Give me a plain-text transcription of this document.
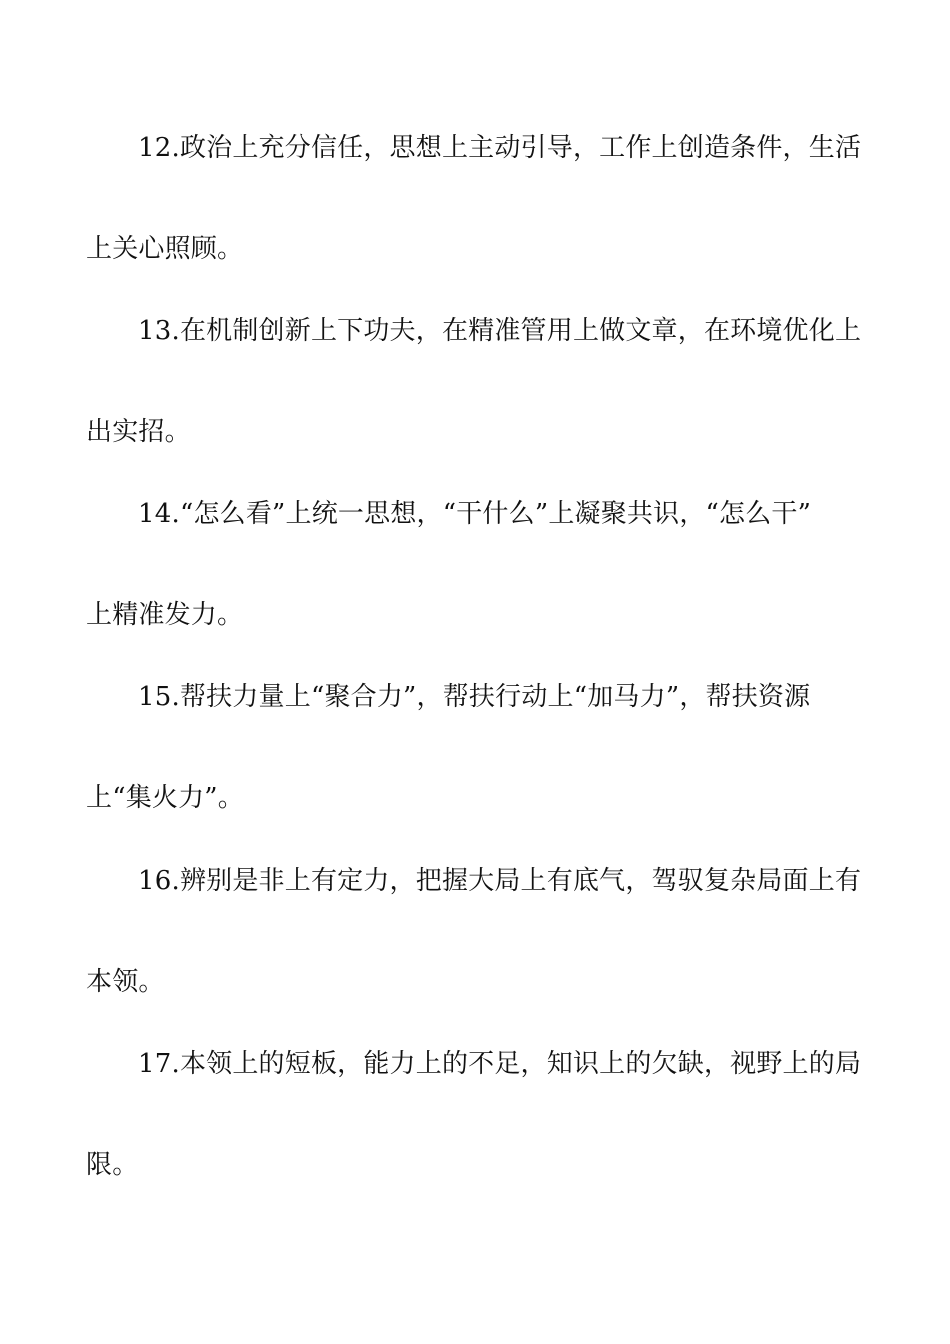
12.政治上充分信任，思想上主动引导，工作上创造条件，生活
上关心照顾。
13.在机制创新上下功夫，在精准管用上做文章，在环境优化上
出实招。
14.“怎么看”上统一思想，“干什么”上凝聚共识，“怎么干”
上精准发力。
15.帮扶力量上“聚合力”，帮扶行动上“加马力”，帮扶资源
上“集火力”。
16.辨别是非上有定力，把握大局上有底气，驾驭复杂局面上有
本领。
17.本领上的短板，能力上的不足，知识上的欠缺，视野上的局
限。
